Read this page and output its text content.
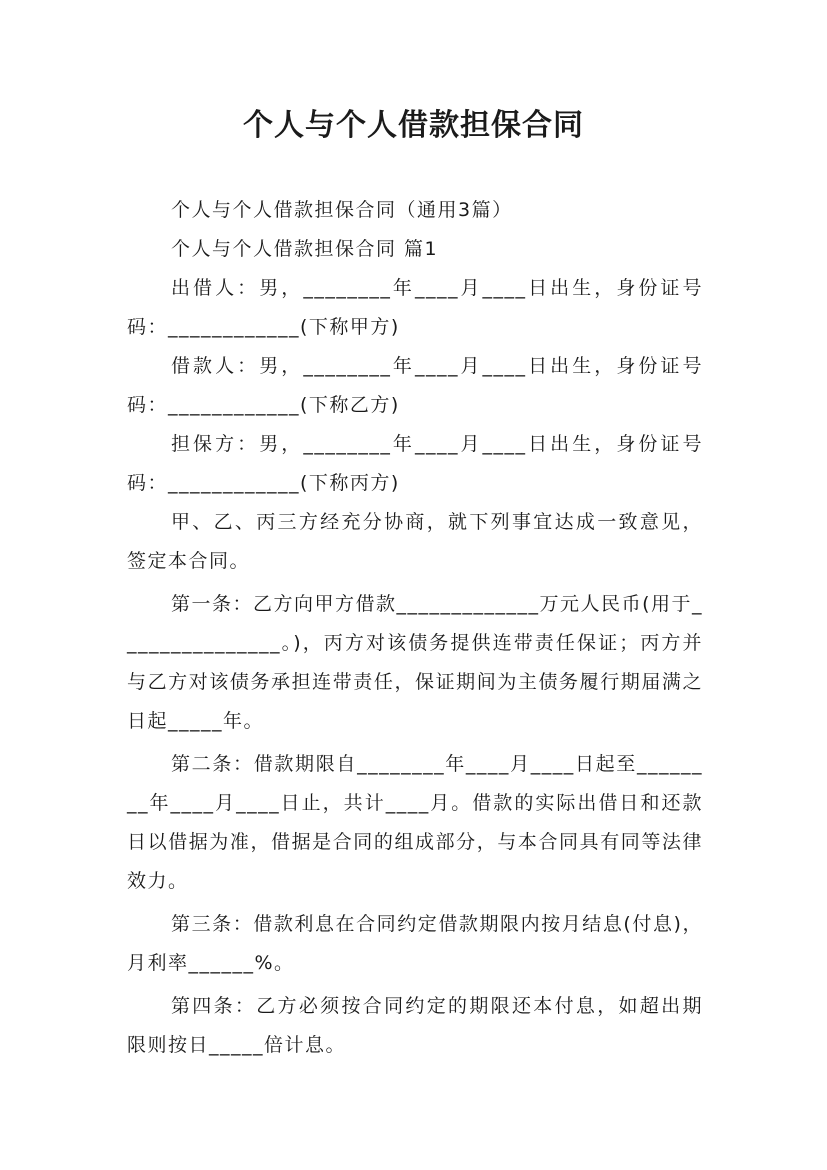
个人与个人借款担保合同

个人与个人借款担保合同（通用3篇）

个人与个人借款担保合同 篇1

出借人：男，________年____月____日出生，身份证号码：____________(下称甲方)

借款人：男，________年____月____日出生，身份证号码：____________(下称乙方)

担保方：男，________年____月____日出生，身份证号码：____________(下称丙方)

甲、乙、丙三方经充分协商，就下列事宜达成一致意见，签定本合同。

第一条：乙方向甲方借款_____________万元人民币(用于_______________。)，丙方对该债务提供连带责任保证；丙方并与乙方对该债务承担连带责任，保证期间为主债务履行期届满之日起_____年。

第二条：借款期限自________年____月____日起至________年____月____日止，共计____月。借款的实际出借日和还款日以借据为准，借据是合同的组成部分，与本合同具有同等法律效力。

第三条：借款利息在合同约定借款期限内按月结息(付息)，月利率______%。

第四条：乙方必须按合同约定的期限还本付息，如超出期限则按日_____倍计息。
